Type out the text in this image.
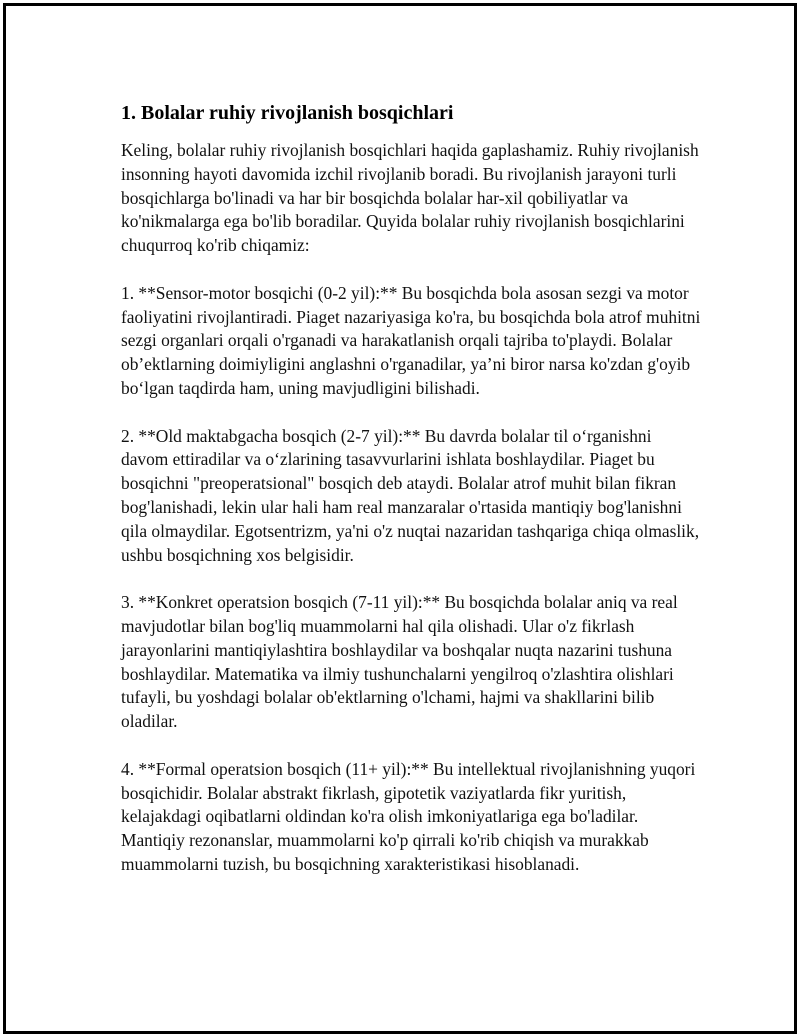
1. Bolalar ruhiy rivojlanish bosqichlari

Keling, bolalar ruhiy rivojlanish bosqichlari haqida gaplashamiz. Ruhiy rivojlanish insonning hayoti davomida izchil rivojlanib boradi. Bu rivojlanish jarayoni turli bosqichlarga bo'linadi va har bir bosqichda bolalar har-xil qobiliyatlar va ko'nikmalarga ega bo'lib boradilar. Quyida bolalar ruhiy rivojlanish bosqichlarini chuqurroq ko'rib chiqamiz:

1. **Sensor-motor bosqichi (0-2 yil):** Bu bosqichda bola asosan sezgi va motor faoliyatini rivojlantiradi. Piaget nazariyasiga ko'ra, bu bosqichda bola atrof muhitni sezgi organlari orqali o'rganadi va harakatlanish orqali tajriba to'playdi. Bolalar ob’ektlarning doimiyligini anglashni o'rganadilar, ya’ni biror narsa ko'zdan g'oyib bo‘lgan taqdirda ham, uning mavjudligini bilishadi.

2. **Old maktabgacha bosqich (2-7 yil):** Bu davrda bolalar til o‘rganishni davom ettiradilar va o‘zlarining tasavvurlarini ishlata boshlaydilar. Piaget bu bosqichni "preoperatsional" bosqich deb ataydi. Bolalar atrof muhit bilan fikran bog'lanishadi, lekin ular hali ham real manzaralar o'rtasida mantiqiy bog'lanishni qila olmaydilar. Egotsentrizm, ya'ni o'z nuqtai nazaridan tashqariga chiqa olmaslik, ushbu bosqichning xos belgisidir.

3. **Konkret operatsion bosqich (7-11 yil):** Bu bosqichda bolalar aniq va real mavjudotlar bilan bog'liq muammolarni hal qila olishadi. Ular o'z fikrlash jarayonlarini mantiqiylashtira boshlaydilar va boshqalar nuqta nazarini tushuna boshlaydilar. Matematika va ilmiy tushunchalarni yengilroq o'zlashtira olishlari tufayli, bu yoshdagi bolalar ob'ektlarning o'lchami, hajmi va shakllarini bilib oladilar.

4. **Formal operatsion bosqich (11+ yil):** Bu intellektual rivojlanishning yuqori bosqichidir. Bolalar abstrakt fikrlash, gipotetik vaziyatlarda fikr yuritish, kelajakdagi oqibatlarni oldindan ko'ra olish imkoniyatlariga ega bo'ladilar. Mantiqiy rezonanslar, muammolarni ko'p qirrali ko'rib chiqish va murakkab muammolarni tuzish, bu bosqichning xarakteristikasi hisoblanadi.
